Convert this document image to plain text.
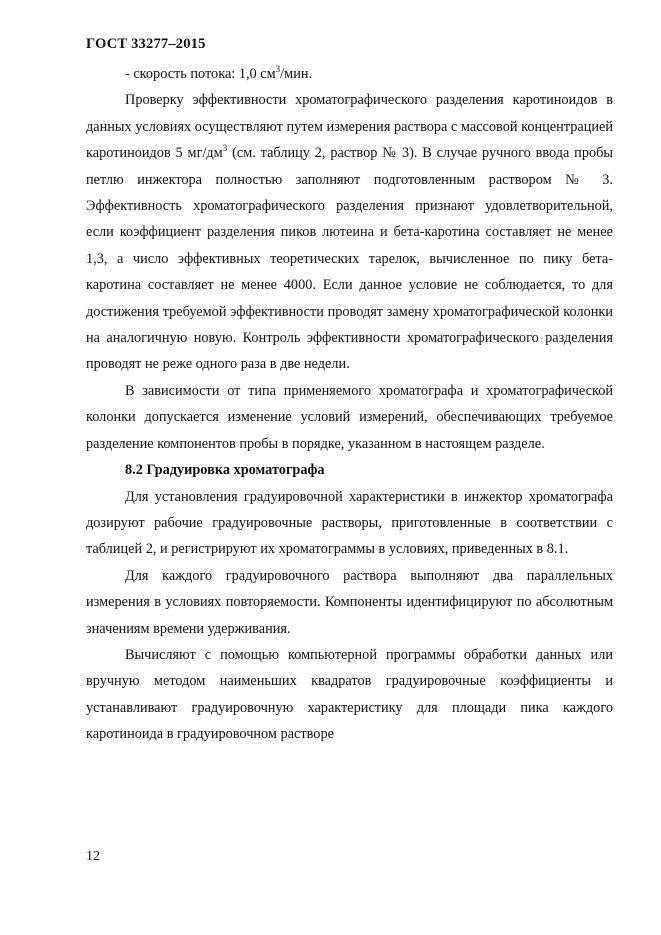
ГОСТ 33277–2015

- скорость потока: 1,0 $см^3$/мин.

Проверку эффективности хроматографического разделения каротиноидов в данных условиях осуществляют путем измерения раствора с массовой концентрацией каротиноидов 5 $мг/дм^3$ (см. таблицу 2, раствор № 3). В случае ручного ввода пробы петлю инжектора полностью заполняют подготовленным раствором № 3. Эффективность хроматографического разделения признают удовлетворительной, если коэффициент разделения пиков лютеина и бета-каротина составляет не менее 1,3, а число эффективных теоретических тарелок, вычисленное по пику бета-каротина составляет не менее 4000. Если данное условие не соблюдается, то для достижения требуемой эффективности проводят замену хроматографической колонки на аналогичную новую. Контроль эффективности хроматографического разделения проводят не реже одного раза в две недели.

В зависимости от типа применяемого хроматографа и хроматографической колонки допускается изменение условий измерений, обеспечивающих требуемое разделение компонентов пробы в порядке, указанном в настоящем разделе.

8.2 Градуировка хроматографа

Для установления градуировочной характеристики в инжектор хроматографа дозируют рабочие градуировочные растворы, приготовленные в соответствии с таблицей 2, и регистрируют их хроматограммы в условиях, приведенных в 8.1.

Для каждого градуировочного раствора выполняют два параллельных измерения в условиях повторяемости. Компоненты идентифицируют по абсолютным значениям времени удерживания.

Вычисляют с помощью компьютерной программы обработки данных или вручную методом наименьших квадратов градуировочные коэффициенты и устанавливают градуировочную характеристику для площади пика каждого каротиноида в градуировочном растворе

12
